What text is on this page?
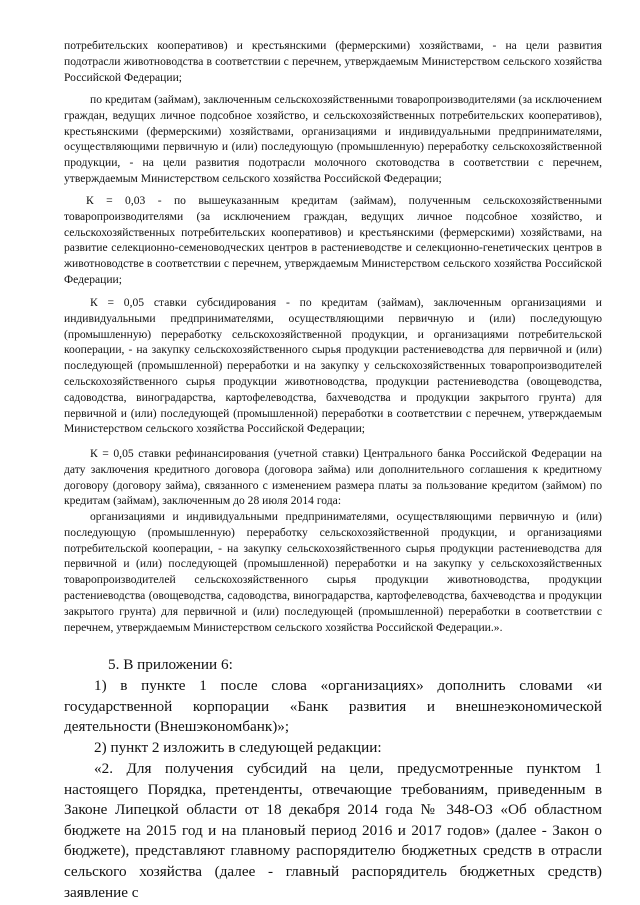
потребительских кооперативов) и крестьянскими (фермерскими) хозяйствами, - на цели развития подотрасли животноводства в соответствии с перечнем, утверждаемым Министерством сельского хозяйства Российской Федерации;

по кредитам (займам), заключенным сельскохозяйственными товаропроизводителями (за исключением граждан, ведущих личное подсобное хозяйство, и сельскохозяйственных потребительских кооперативов), крестьянскими (фермерскими) хозяйствами, организациями и индивидуальными предпринимателями, осуществляющими первичную и (или) последующую (промышленную) переработку сельскохозяйственной продукции, - на цели развития подотрасли молочного скотоводства в соответствии с перечнем, утверждаемым Министерством сельского хозяйства Российской Федерации;

К = 0,03 - по вышеуказанным кредитам (займам), полученным сельскохозяйственными товаропроизводителями (за исключением граждан, ведущих личное подсобное хозяйство, и сельскохозяйственных потребительских кооперативов) и крестьянскими (фермерскими) хозяйствами, на развитие селекционно-семеноводческих центров в растениеводстве и селекционно-генетических центров в животноводстве в соответствии с перечнем, утверждаемым Министерством сельского хозяйства Российской Федерации;

К = 0,05 ставки субсидирования - по кредитам (займам), заключенным организациями и индивидуальными предпринимателями, осуществляющими первичную и (или) последующую (промышленную) переработку сельскохозяйственной продукции, и организациями потребительской кооперации, - на закупку сельскохозяйственного сырья продукции растениеводства для первичной и (или) последующей (промышленной) переработки и на закупку у сельскохозяйственных товаропроизводителей сельскохозяйственного сырья продукции животноводства, продукции растениеводства (овощеводства, садоводства, виноградарства, картофелеводства, бахчеводства и продукции закрытого грунта) для первичной и (или) последующей (промышленной) переработки в соответствии с перечнем, утверждаемым Министерством сельского хозяйства Российской Федерации;

К = 0,05 ставки рефинансирования (учетной ставки) Центрального банка Российской Федерации на дату заключения кредитного договора (договора займа) или дополнительного соглашения к кредитному договору (договору займа), связанного с изменением размера платы за пользование кредитом (займом) по кредитам (займам), заключенным до 28 июля 2014 года:

организациями и индивидуальными предпринимателями, осуществляющими первичную и (или) последующую (промышленную) переработку сельскохозяйственной продукции, и организациями потребительской кооперации, - на закупку сельскохозяйственного сырья продукции растениеводства для первичной и (или) последующей (промышленной) переработки и на закупку у сельскохозяйственных товаропроизводителей сельскохозяйственного сырья продукции животноводства, продукции растениеводства (овощеводства, садоводства, виноградарства, картофелеводства, бахчеводства и продукции закрытого грунта) для первичной и (или) последующей (промышленной) переработки в соответствии с перечнем, утверждаемым Министерством сельского хозяйства Российской Федерации.».

5. В приложении 6:

1) в пункте 1 после слова «организациях» дополнить словами «и государственной корпорации «Банк развития и внешнеэкономической деятельности (Внешэкономбанк)»;

2) пункт 2 изложить в следующей редакции:

«2. Для получения субсидий на цели, предусмотренные пунктом 1 настоящего Порядка, претенденты, отвечающие требованиям, приведенным в Законе Липецкой области от 18 декабря 2014 года № 348-ОЗ «Об областном бюджете на 2015 год и на плановый период 2016 и 2017 годов» (далее - Закон о бюджете), представляют главному распорядителю бюджетных средств в отрасли сельского хозяйства (далее - главный распорядитель бюджетных средств) заявление с
